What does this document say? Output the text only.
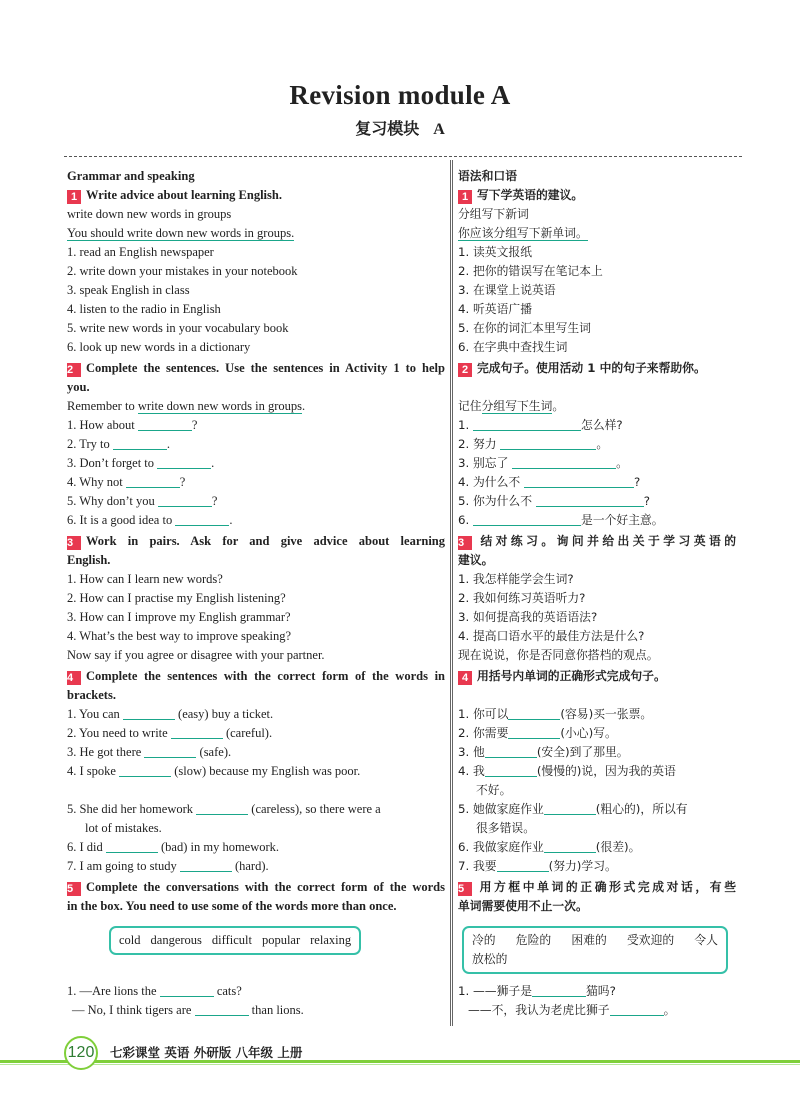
Revision module A
复习模块 A
Grammar and speaking
1 Write advice about learning English.
write down new words in groups
You should write down new words in groups.
1. read an English newspaper
2. write down your mistakes in your notebook
3. speak English in class
4. listen to the radio in English
5. write new words in your vocabulary book
6. look up new words in a dictionary
2 Complete the sentences. Use the sentences in Activity 1 to help
you.
Remember to write down new words in groups.
1. How about	?
2. Try to	.
3. Don’t forget to	.
4. Why not	?
5. Why don’t you	?
6. It is a good idea to	.
3 Work in pairs. Ask for and give advice about learning
English.
1. How can I learn new words?
2. How can I practise my English listening?
3. How can I improve my English grammar?
4. What’s the best way to improve speaking?
Now say if you agree or disagree with your partner.
4 Complete the sentences with the correct form of the words in
brackets.
1. You can	(easy) buy a ticket.
2. You need to write	(careful).
3. He got there	(safe).
4. I spoke	(slow) because my English was poor.
5. She did her homework	(careless), so there were a
lot of mistakes.
6. I did	(bad) in my homework.
7. I am going to study	(hard).
5 Complete the conversations with the correct form of the words
in the box. You need to use some of the words more than once.
cold dangerous difficult popular relaxing
1. —Are lions the	cats?
— No, I think tigers are	than lions.
语法和口语
1 写下学英语的建议。
分组写下新词
你应该分组写下新单词。
1. 读英文报纸
2. 把你的错误写在笔记本上
3. 在课堂上说英语
4. 听英语广播
5. 在你的词汇本里写生词
6. 在字典中查找生词
2 完成句子。使用活动 1 中的句子来帮助你。
记住分组写下生词。
1.	怎么样?
2. 努力	。
3. 别忘了	。
4. 为什么不	?
5. 你为什么不	?
6.	是一个好主意。
3 结对练习。询问并给出关于学习英语的
建议。
1. 我怎样能学会生词?
2. 我如何练习英语听力?
3. 如何提高我的英语语法?
4. 提高口语水平的最佳方法是什么?
现在说说，你是否同意你搭档的观点。
4 用括号内单词的正确形式完成句子。
1. 你可以	(容易)买一张票。
2. 你需要	(小心)写。
3. 他	(安全)到了那里。
4. 我	(慢慢的)说，因为我的英语
不好。
5. 她做家庭作业	(粗心的)，所以有
很多错误。
6. 我做家庭作业	(很差)。
7. 我要	(努力)学习。
5 用方框中单词的正确形式完成对话，有些
单词需要使用不止一次。
冷的 危险的 困难的 受欢迎的 令人
放松的
1. ——狮子是	猫吗?
——不，我认为老虎比狮子	。
120 七彩课堂 英语 外研版 八年级 上册
